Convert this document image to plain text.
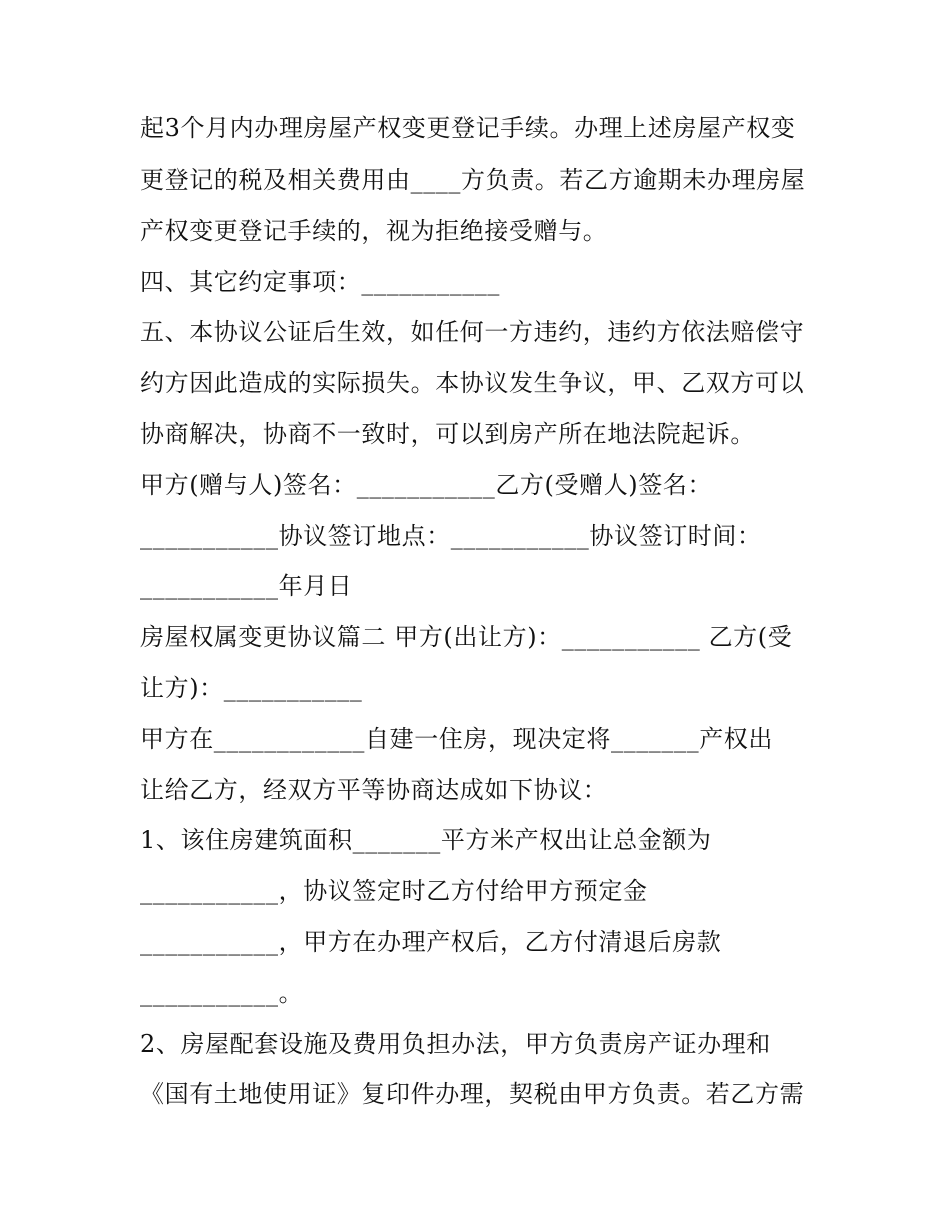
起3个月内办理房屋产权变更登记手续。办理上述房屋产权变
更登记的税及相关费用由____方负责。若乙方逾期未办理房屋
产权变更登记手续的，视为拒绝接受赠与。
四、其它约定事项：___________
五、本协议公证后生效，如任何一方违约，违约方依法赔偿守
约方因此造成的实际损失。本协议发生争议，甲、乙双方可以
协商解决，协商不一致时，可以到房产所在地法院起诉。
甲方(赠与人)签名：___________乙方(受赠人)签名：
___________协议签订地点：___________协议签订时间：
___________年月日
房屋权属变更协议篇二 甲方(出让方)：___________ 乙方(受
让方)：___________
甲方在____________自建一住房，现决定将_______产权出
让给乙方，经双方平等协商达成如下协议：
1、该住房建筑面积_______平方米产权出让总金额为
___________，协议签定时乙方付给甲方预定金
___________，甲方在办理产权后，乙方付清退后房款
___________。
2、房屋配套设施及费用负担办法，甲方负责房产证办理和
《国有土地使用证》复印件办理，契税由甲方负责。若乙方需
